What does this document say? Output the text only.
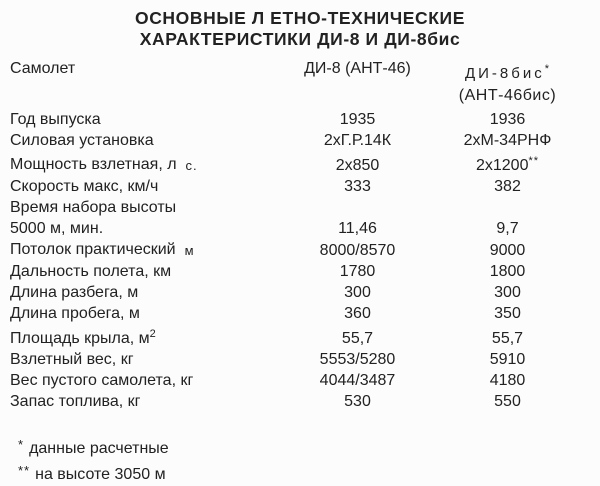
ОСНОВНЫЕ Л ЕТНО-ТЕХНИЧЕСКИЕ
ХАРАКТЕРИСТИКИ ДИ-8 И ДИ-8бис
Самолет	ДИ-8 (АНТ-46)	ДИ-8бис*
(АНТ-46бис)
Год выпуска	1935	1936
Силовая установка	2хГ.Р.14К	2хМ-34РНФ
Мощность взлетная, л с.	2х850	2х1200**
Скорость макс, км/ч	333	382
Время набора высоты
5000 м, мин.	11,46	9,7
Потолок практический м	8000/8570	9000
Дальность полета, км	1780	1800
Длина разбега, м	300	300
Длина пробега, м	360	350
Площадь крыла, $м^2$	55,7	55,7
Взлетный вес, кг	5553/5280	5910
Вес пустого самолета, кг	4044/3487	4180
Запас топлива, кг	530	550
* данные расчетные
** на высоте 3050 м
